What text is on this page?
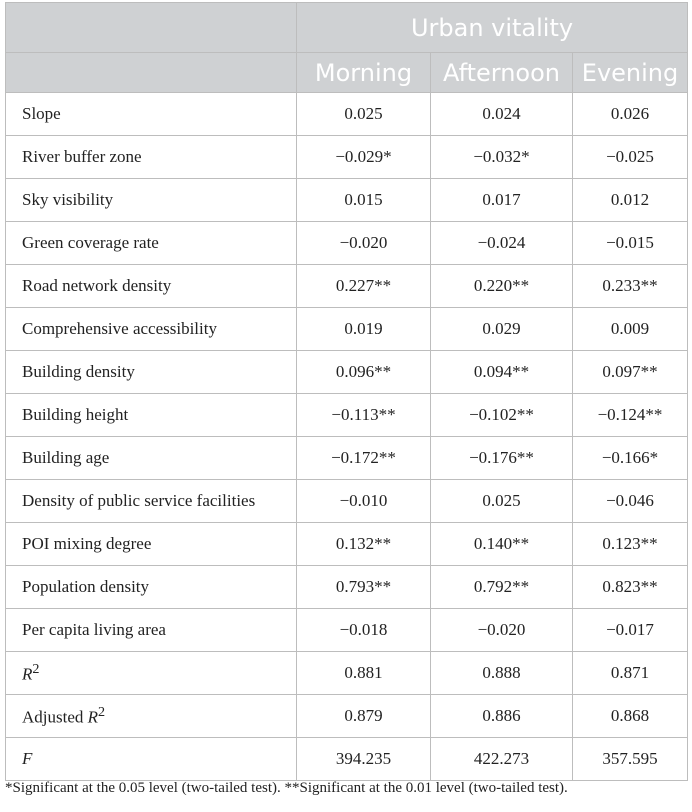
	Urban vitality		
	Morning	Afternoon	Evening
Slope	0.025	0.024	0.026
River buffer zone	−0.029*	−0.032*	−0.025
Sky visibility	0.015	0.017	0.012
Green coverage rate	−0.020	−0.024	−0.015
Road network density	0.227**	0.220**	0.233**
Comprehensive accessibility	0.019	0.029	0.009
Building density	0.096**	0.094**	0.097**
Building height	−0.113**	−0.102**	−0.124**
Building age	−0.172**	−0.176**	−0.166*
Density of public service facilities	−0.010	0.025	−0.046
POI mixing degree	0.132**	0.140**	0.123**
Population density	0.793**	0.792**	0.823**
Per capita living area	−0.018	−0.020	−0.017
$R^2$	0.881	0.888	0.871
Adjusted $R^2$	0.879	0.886	0.868
F	394.235	422.273	357.595
*Significant at the 0.05 level (two-tailed test). **Significant at the 0.01 level (two-tailed test).
